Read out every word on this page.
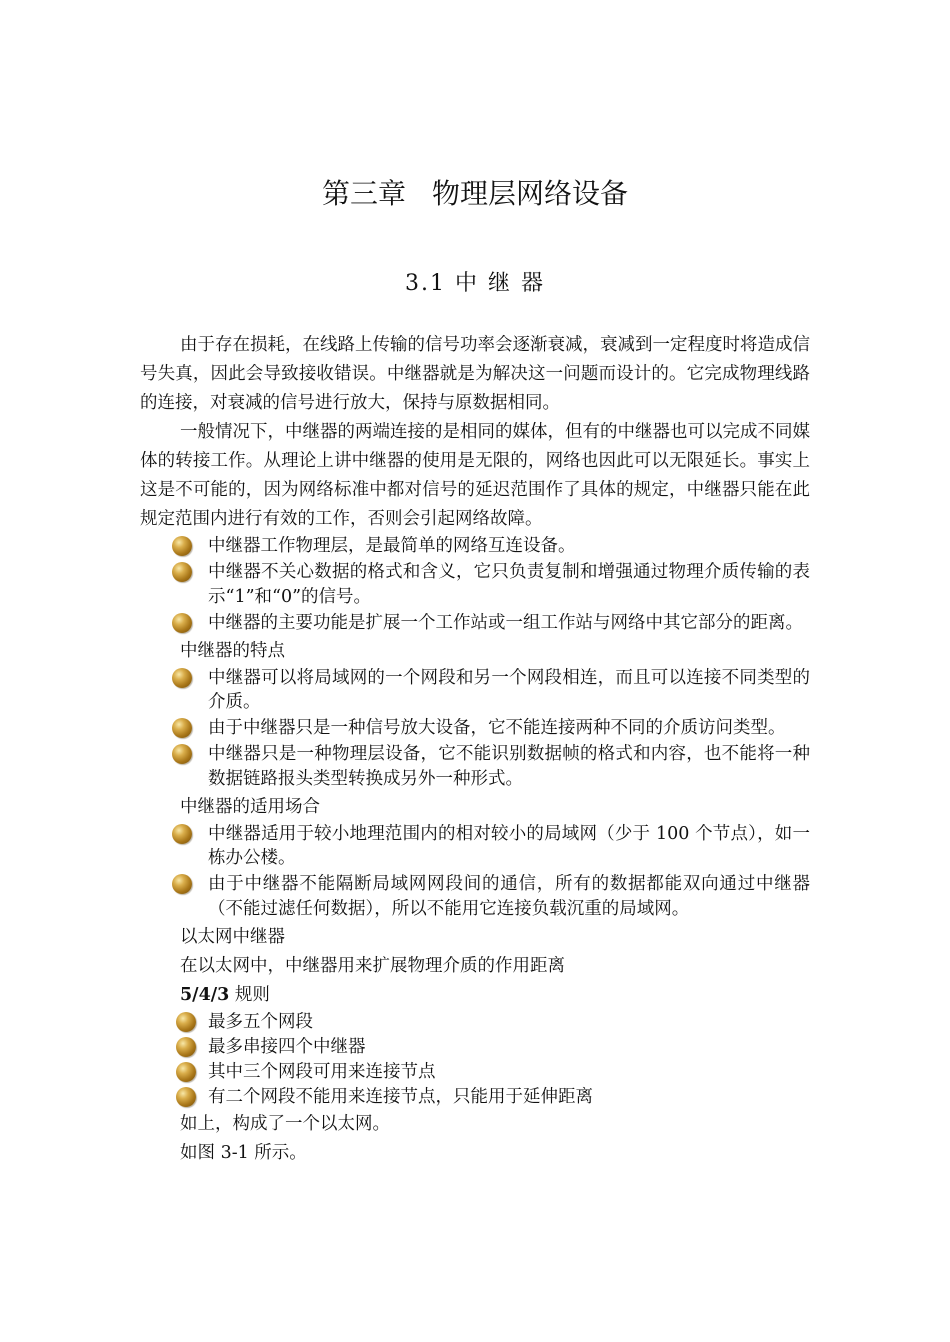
第三章 物理层网络设备
3.1 中 继 器

由于存在损耗，在线路上传输的信号功率会逐渐衰减，衰减到一定程度时将造成信号失真，因此会导致接收错误。中继器就是为解决这一问题而设计的。它完成物理线路的连接，对衰减的信号进行放大，保持与原数据相同。

一般情况下，中继器的两端连接的是相同的媒体，但有的中继器也可以完成不同媒体的转接工作。从理论上讲中继器的使用是无限的，网络也因此可以无限延长。事实上这是不可能的，因为网络标准中都对信号的延迟范围作了具体的规定，中继器只能在此规定范围内进行有效的工作，否则会引起网络故障。

中继器工作物理层，是最简单的网络互连设备。
中继器不关心数据的格式和含义，它只负责复制和增强通过物理介质传输的表示“1”和“0”的信号。
中继器的主要功能是扩展一个工作站或一组工作站与网络中其它部分的距离。
中继器的特点
中继器可以将局域网的一个网段和另一个网段相连，而且可以连接不同类型的介质。
由于中继器只是一种信号放大设备，它不能连接两种不同的介质访问类型。
中继器只是一种物理层设备，它不能识别数据帧的格式和内容，也不能将一种数据链路报头类型转换成另外一种形式。
中继器的适用场合
中继器适用于较小地理范围内的相对较小的局域网（少于 100 个节点），如一栋办公楼。
由于中继器不能隔断局域网网段间的通信，所有的数据都能双向通过中继器（不能过滤任何数据），所以不能用它连接负载沉重的局域网。
以太网中继器
在以太网中，中继器用来扩展物理介质的作用距离
5/4/3 规则
最多五个网段
最多串接四个中继器
其中三个网段可用来连接节点
有二个网段不能用来连接节点，只能用于延伸距离
如上，构成了一个以太网。
如图 3-1 所示。
